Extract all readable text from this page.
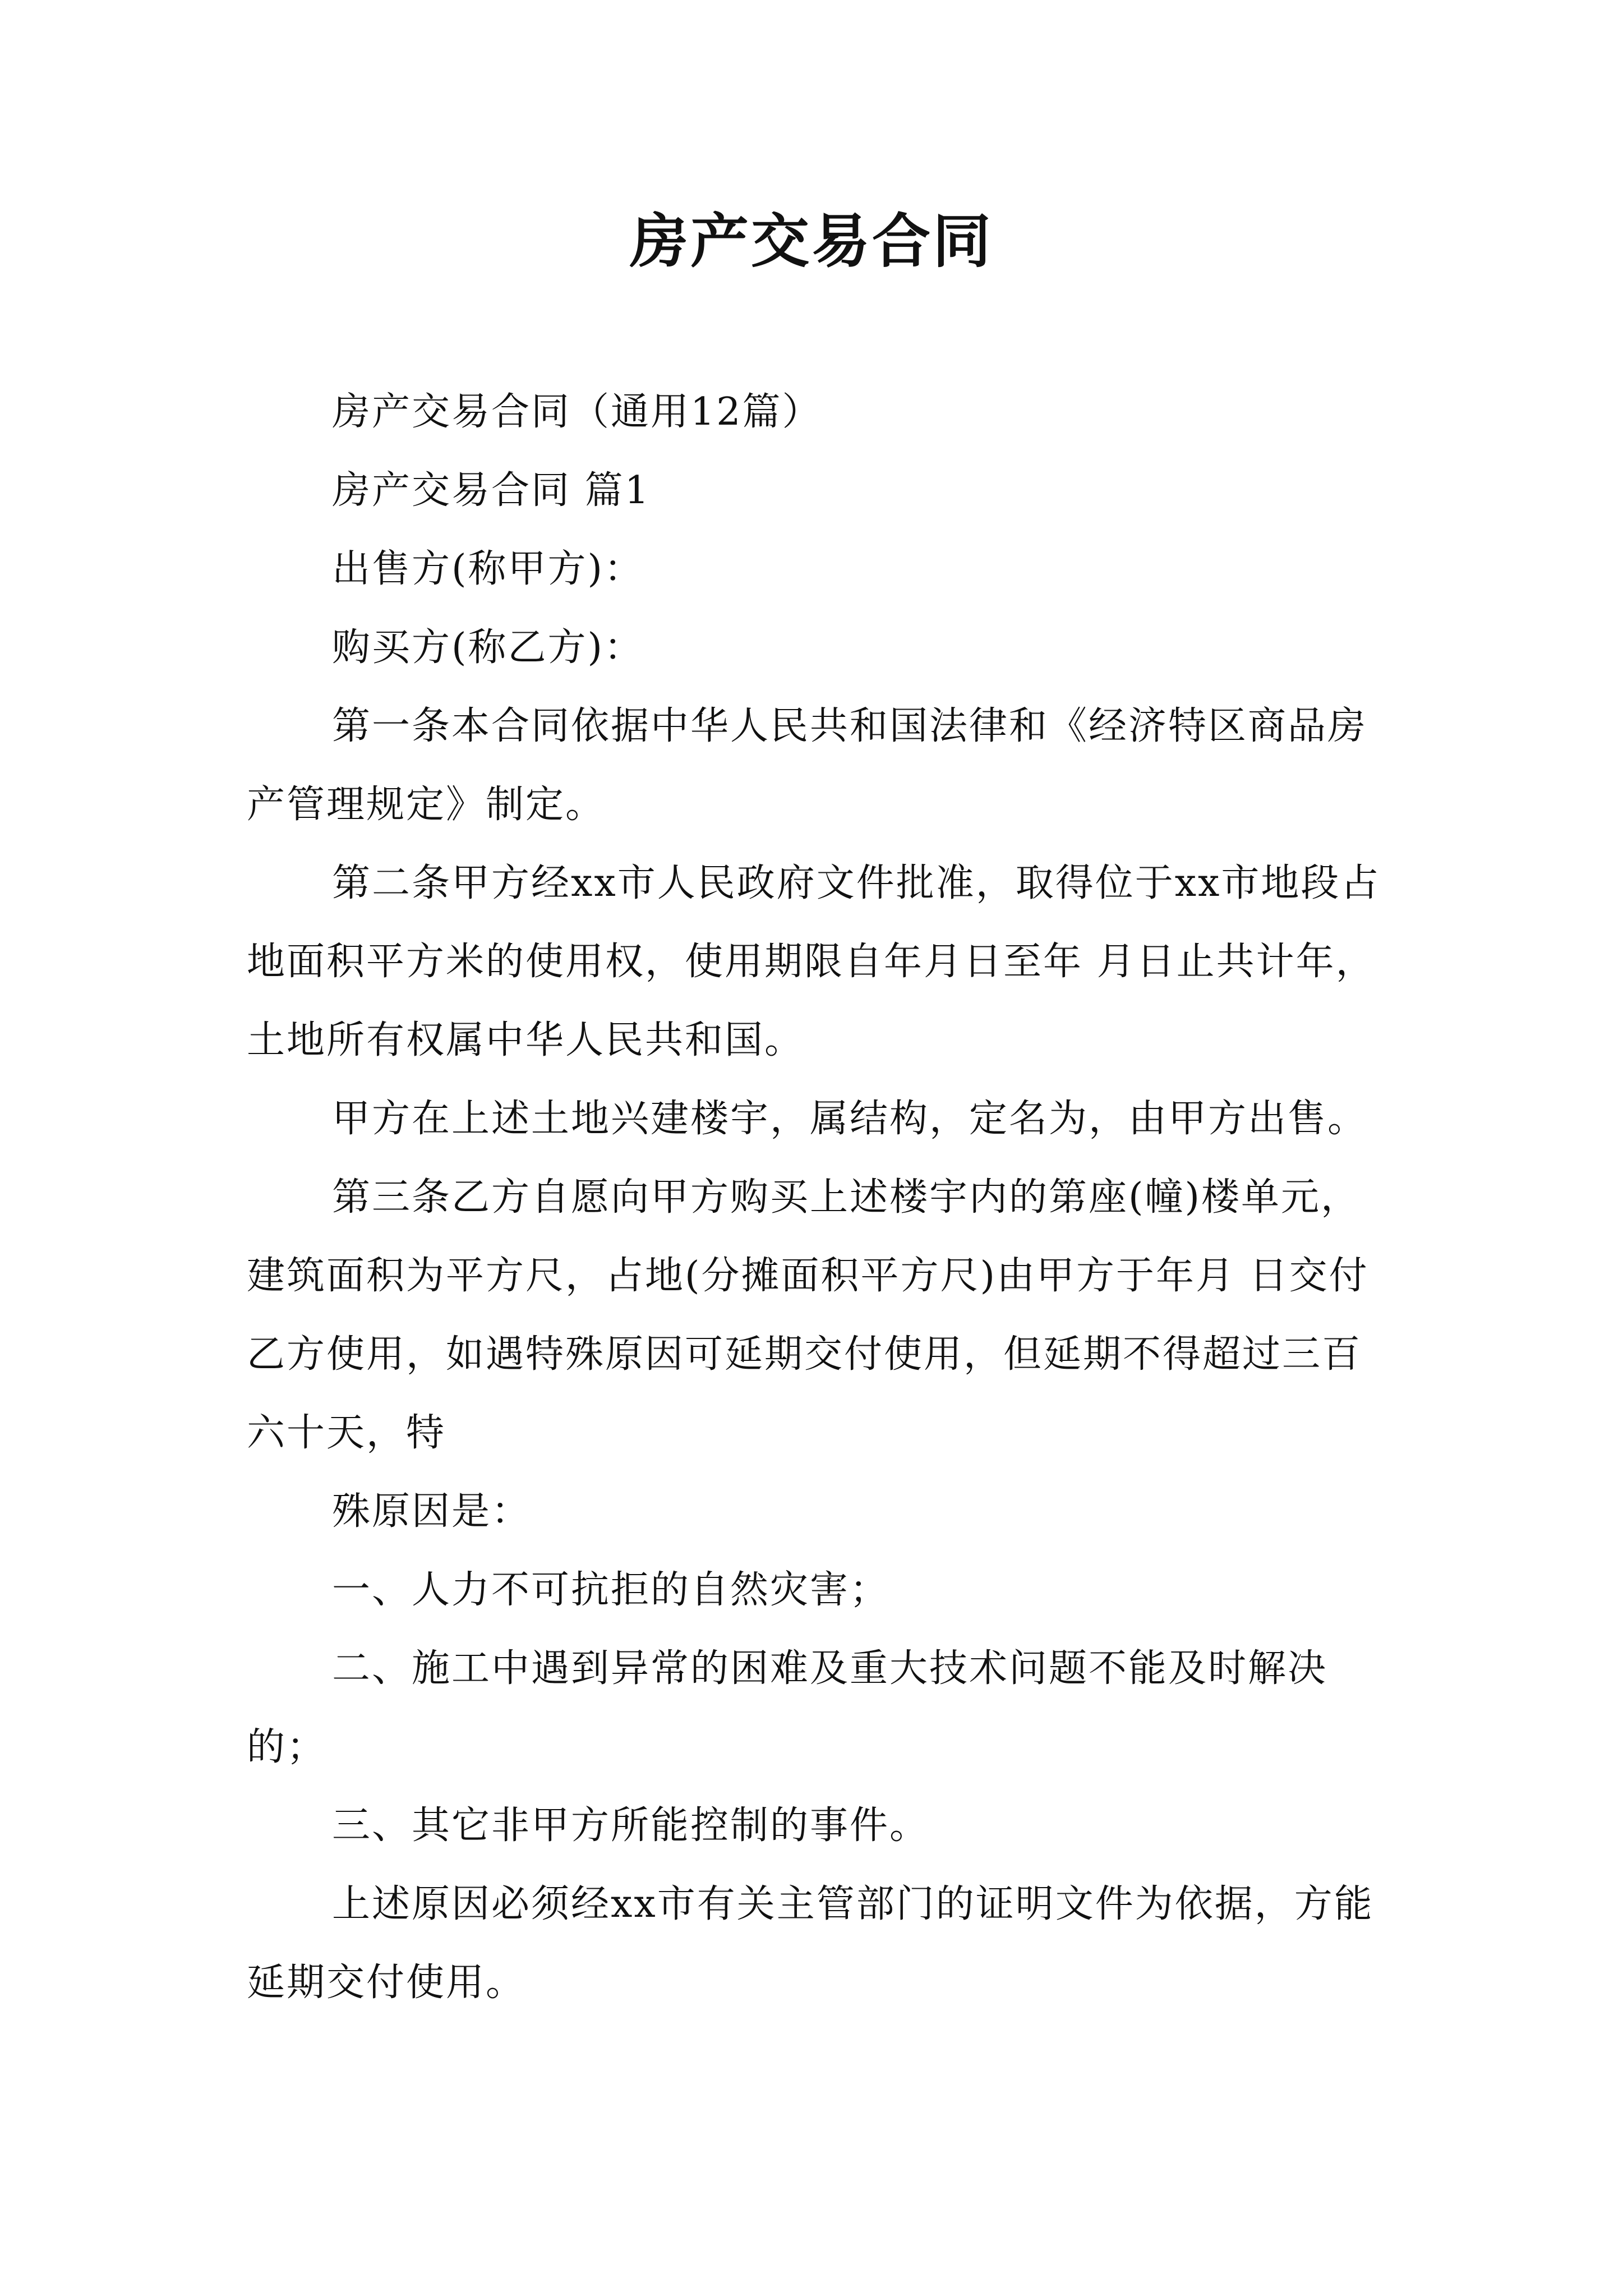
房产交易合同

房产交易合同（通用12篇）

房产交易合同 篇1

出售方(称甲方)：

购买方(称乙方)：

第一条本合同依据中华人民共和国法律和《经济特区商品房产管理规定》制定。

第二条甲方经xx市人民政府文件批准，取得位于xx市地段占地面积平方米的使用权，使用期限自年月日至年 月日止共计年，土地所有权属中华人民共和国。

甲方在上述土地兴建楼宇，属结构，定名为，由甲方出售。

第三条乙方自愿向甲方购买上述楼宇内的第座(幢)楼单元，建筑面积为平方尺，占地(分摊面积平方尺)由甲方于年月 日交付乙方使用，如遇特殊原因可延期交付使用，但延期不得超过三百六十天，特

殊原因是：

一、人力不可抗拒的自然灾害；

二、施工中遇到异常的困难及重大技术问题不能及时解决的；

三、其它非甲方所能控制的事件。

上述原因必须经xx市有关主管部门的证明文件为依据，方能延期交付使用。
